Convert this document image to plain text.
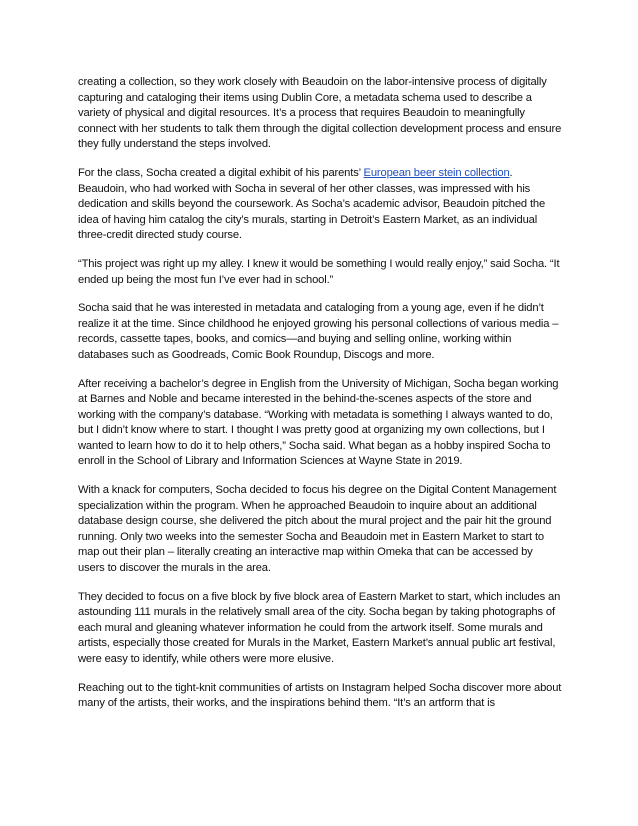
creating a collection, so they work closely with Beaudoin on the labor-intensive process of digitally capturing and cataloging their items using Dublin Core, a metadata schema used to describe a variety of physical and digital resources. It’s a process that requires Beaudoin to meaningfully connect with her students to talk them through the digital collection development process and ensure they fully understand the steps involved.

For the class, Socha created a digital exhibit of his parents’ European beer stein collection. Beaudoin, who had worked with Socha in several of her other classes, was impressed with his dedication and skills beyond the coursework. As Socha’s academic advisor, Beaudoin pitched the idea of having him catalog the city’s murals, starting in Detroit’s Eastern Market, as an individual three-credit directed study course.

“This project was right up my alley. I knew it would be something I would really enjoy,” said Socha. “It ended up being the most fun I’ve ever had in school.”

Socha said that he was interested in metadata and cataloging from a young age, even if he didn’t realize it at the time. Since childhood he enjoyed growing his personal collections of various media – records, cassette tapes, books, and comics—and buying and selling online, working within databases such as Goodreads, Comic Book Roundup, Discogs and more.

After receiving a bachelor’s degree in English from the University of Michigan, Socha began working at Barnes and Noble and became interested in the behind-the-scenes aspects of the store and working with the company’s database. “Working with metadata is something I always wanted to do, but I didn’t know where to start. I thought I was pretty good at organizing my own collections, but I wanted to learn how to do it to help others,” Socha said. What began as a hobby inspired Socha to enroll in the School of Library and Information Sciences at Wayne State in 2019.

With a knack for computers, Socha decided to focus his degree on the Digital Content Management specialization within the program. When he approached Beaudoin to inquire about an additional database design course, she delivered the pitch about the mural project and the pair hit the ground running. Only two weeks into the semester Socha and Beaudoin met in Eastern Market to start to map out their plan – literally creating an interactive map within Omeka that can be accessed by users to discover the murals in the area.

They decided to focus on a five block by five block area of Eastern Market to start, which includes an astounding 111 murals in the relatively small area of the city. Socha began by taking photographs of each mural and gleaning whatever information he could from the artwork itself. Some murals and artists, especially those created for Murals in the Market, Eastern Market’s annual public art festival, were easy to identify, while others were more elusive.

Reaching out to the tight-knit communities of artists on Instagram helped Socha discover more about many of the artists, their works, and the inspirations behind them. “It’s an artform that is
